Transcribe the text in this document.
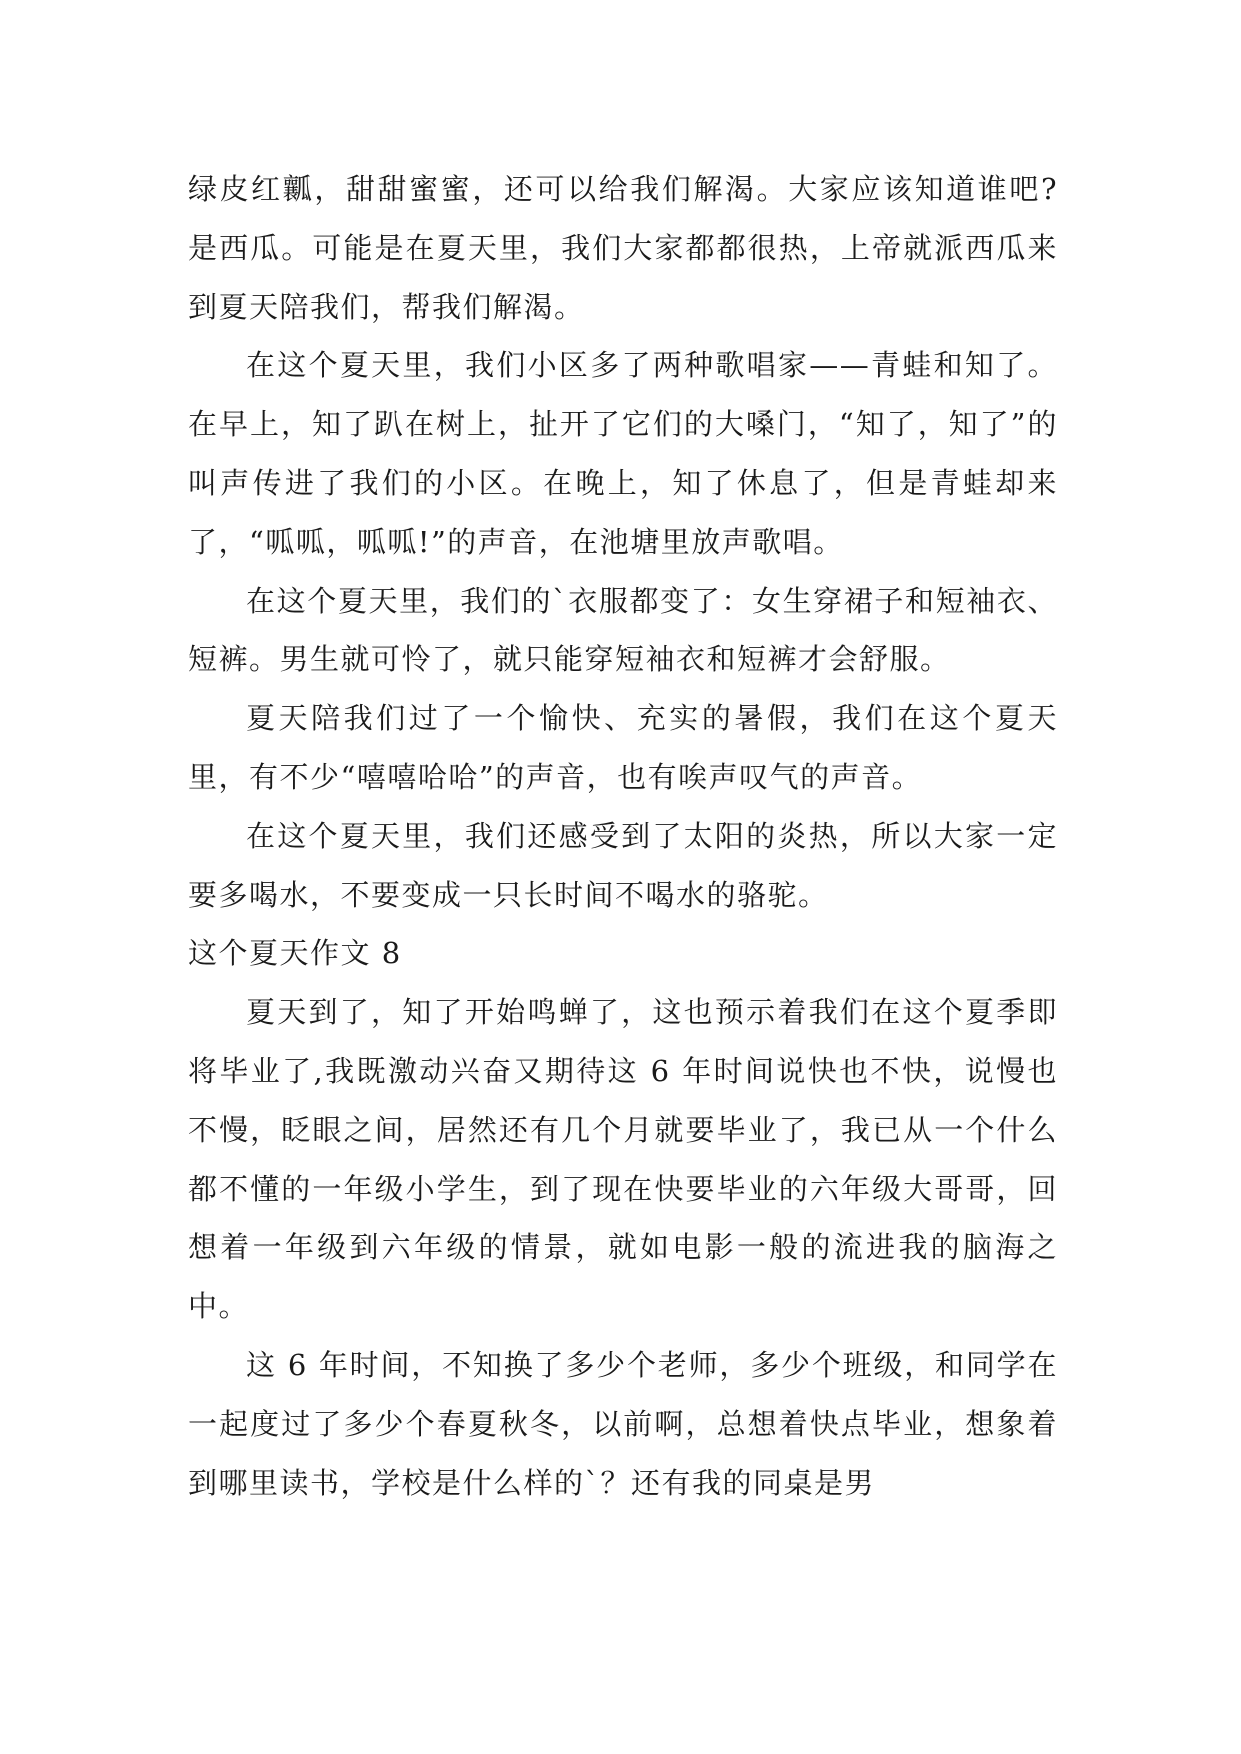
绿皮红瓤，甜甜蜜蜜，还可以给我们解渴。大家应该知道谁吧?是西瓜。可能是在夏天里，我们大家都都很热，上帝就派西瓜来到夏天陪我们，帮我们解渴。

在这个夏天里，我们小区多了两种歌唱家——青蛙和知了。在早上，知了趴在树上，扯开了它们的大嗓门，“知了，知了”的叫声传进了我们的小区。在晚上，知了休息了，但是青蛙却来了，“呱呱，呱呱!”的声音，在池塘里放声歌唱。

在这个夏天里，我们的`衣服都变了：女生穿裙子和短袖衣、短裤。男生就可怜了，就只能穿短袖衣和短裤才会舒服。

夏天陪我们过了一个愉快、充实的暑假，我们在这个夏天里，有不少“嘻嘻哈哈”的声音，也有唉声叹气的声音。

在这个夏天里，我们还感受到了太阳的炎热，所以大家一定要多喝水，不要变成一只长时间不喝水的骆驼。

这个夏天作文 8

夏天到了，知了开始鸣蝉了，这也预示着我们在这个夏季即将毕业了,我既激动兴奋又期待这 6 年时间说快也不快，说慢也不慢，眨眼之间，居然还有几个月就要毕业了，我已从一个什么都不懂的一年级小学生，到了现在快要毕业的六年级大哥哥，回想着一年级到六年级的情景，就如电影一般的流进我的脑海之中。

这 6 年时间，不知换了多少个老师，多少个班级，和同学在一起度过了多少个春夏秋冬，以前啊，总想着快点毕业，想象着到哪里读书，学校是什么样的`？还有我的同桌是男
